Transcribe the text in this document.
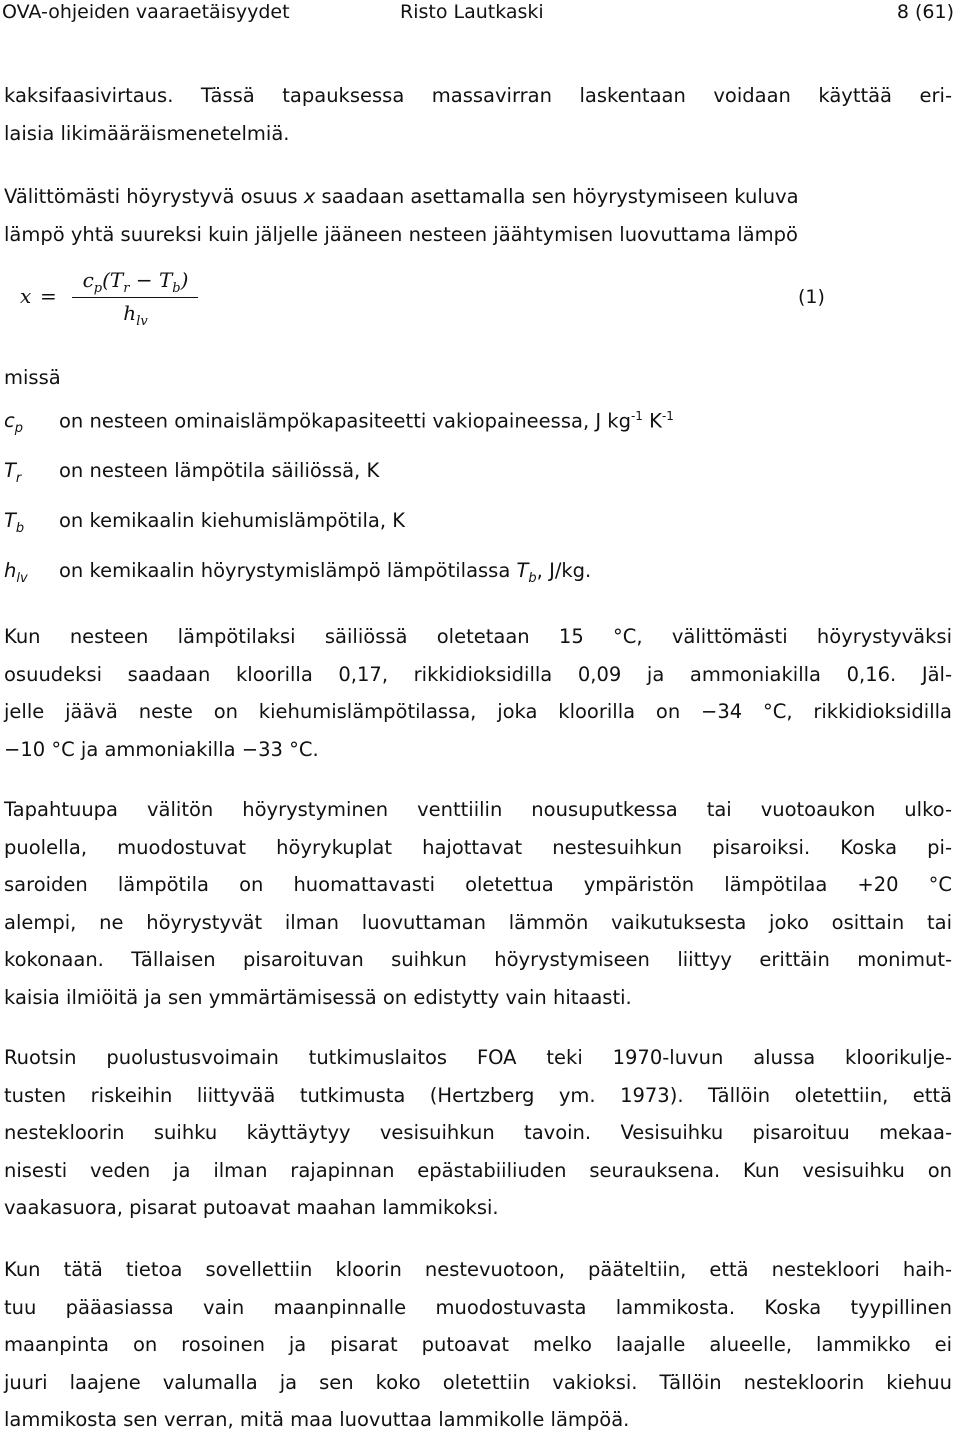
OVA-ohjeiden vaaraetäisyydet	Risto Lautkaski	8 (61)
kaksifaasivirtaus. Tässä tapauksessa massavirran laskentaan voidaan käyttää eri-
laisia likimääräismenetelmiä.
Välittömästi höyrystyvä osuus x saadaan asettamalla sen höyrystymiseen kuluva
lämpö yhtä suureksi kuin jäljelle jääneen nesteen jäähtymisen luovuttama lämpö
x =
$c_p(T_r - T_b)$
$h_{lv}$
(1)
missä
$c_p$ on nesteen ominaislämpökapasiteetti vakiopaineessa, J $kg^{-1}$ $K^{-1}$
$T_r$ on nesteen lämpötila säiliössä, K
$T_b$ on kemikaalin kiehumislämpötila, K
$h_{lv}$ on kemikaalin höyrystymislämpö lämpötilassa $T_b$, J/kg.
Kun nesteen lämpötilaksi säiliössä oletetaan 15 °C, välittömästi höyrystyväksi
osuudeksi saadaan kloorilla 0,17, rikkidioksidilla 0,09 ja ammoniakilla 0,16. Jäl-
jelle jäävä neste on kiehumislämpötilassa, joka kloorilla on −34 °C, rikkidioksidilla
−10 °C ja ammoniakilla −33 °C.
Tapahtuupa välitön höyrystyminen venttiilin nousuputkessa tai vuotoaukon ulko-
puolella, muodostuvat höyrykuplat hajottavat nestesuihkun pisaroiksi. Koska pi-
saroiden lämpötila on huomattavasti oletettua ympäristön lämpötilaa +20 °C
alempi, ne höyrystyvät ilman luovuttaman lämmön vaikutuksesta joko osittain tai
kokonaan. Tällaisen pisaroituvan suihkun höyrystymiseen liittyy erittäin monimut-
kaisia ilmiöitä ja sen ymmärtämisessä on edistytty vain hitaasti.
Ruotsin puolustusvoimain tutkimuslaitos FOA teki 1970-luvun alussa kloorikulje-
tusten riskeihin liittyvää tutkimusta (Hertzberg ym. 1973). Tällöin oletettiin, että
nestekloorin suihku käyttäytyy vesisuihkun tavoin. Vesisuihku pisaroituu mekaa-
nisesti veden ja ilman rajapinnan epästabiiliuden seurauksena. Kun vesisuihku on
vaakasuora, pisarat putoavat maahan lammikoksi.
Kun tätä tietoa sovellettiin kloorin nestevuotoon, pääteltiin, että nestekloori haih-
tuu pääasiassa vain maanpinnalle muodostuvasta lammikosta. Koska tyypillinen
maanpinta on rosoinen ja pisarat putoavat melko laajalle alueelle, lammikko ei
juuri laajene valumalla ja sen koko oletettiin vakioksi. Tällöin nestekloorin kiehuu
lammikosta sen verran, mitä maa luovuttaa lammikolle lämpöä.
